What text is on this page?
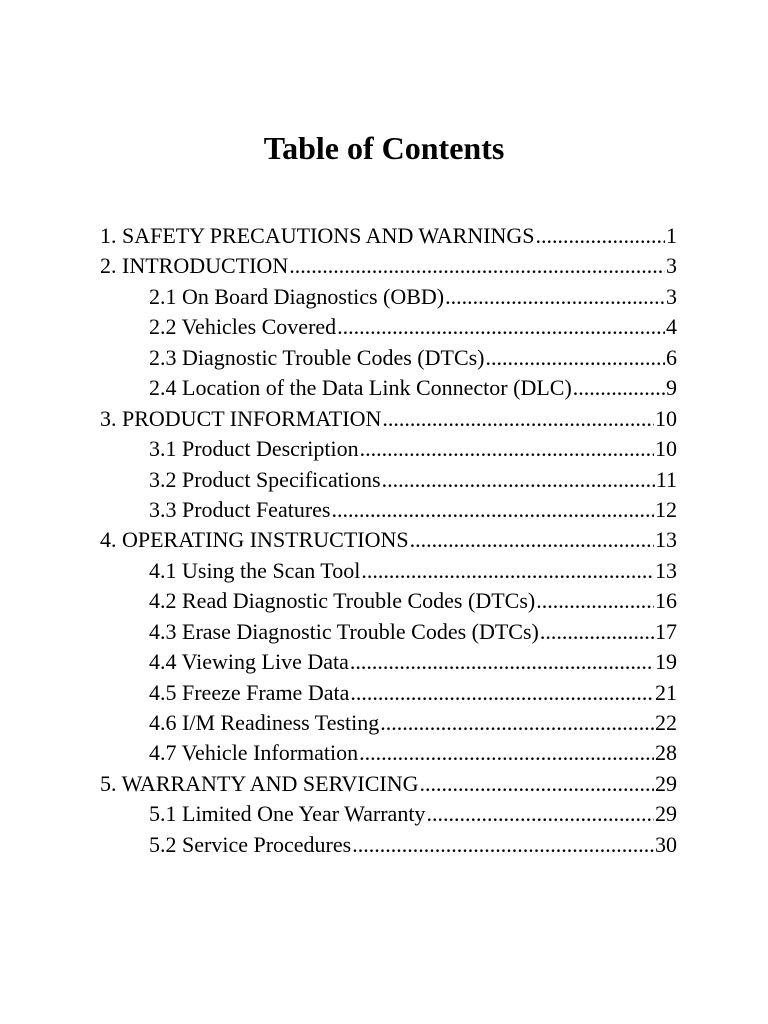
Table of Contents
1. SAFETY PRECAUTIONS AND WARNINGS .....	1
2. INTRODUCTION .....	3
2.1 On Board Diagnostics (OBD) .....	3
2.2 Vehicles Covered .....	4
2.3 Diagnostic Trouble Codes (DTCs) .....	6
2.4 Location of the Data Link Connector (DLC) .....	9
3. PRODUCT INFORMATION .....	10
3.1 Product Description .....	10
3.2 Product Specifications .....	11
3.3 Product Features .....	12
4. OPERATING INSTRUCTIONS .....	13
4.1 Using the Scan Tool .....	13
4.2 Read Diagnostic Trouble Codes (DTCs) .....	16
4.3 Erase Diagnostic Trouble Codes (DTCs) .....	17
4.4 Viewing Live Data .....	19
4.5 Freeze Frame Data .....	21
4.6 I/M Readiness Testing .....	22
4.7 Vehicle Information .....	28
5. WARRANTY AND SERVICING .....	29
5.1 Limited One Year Warranty .....	29
5.2 Service Procedures .....	30
